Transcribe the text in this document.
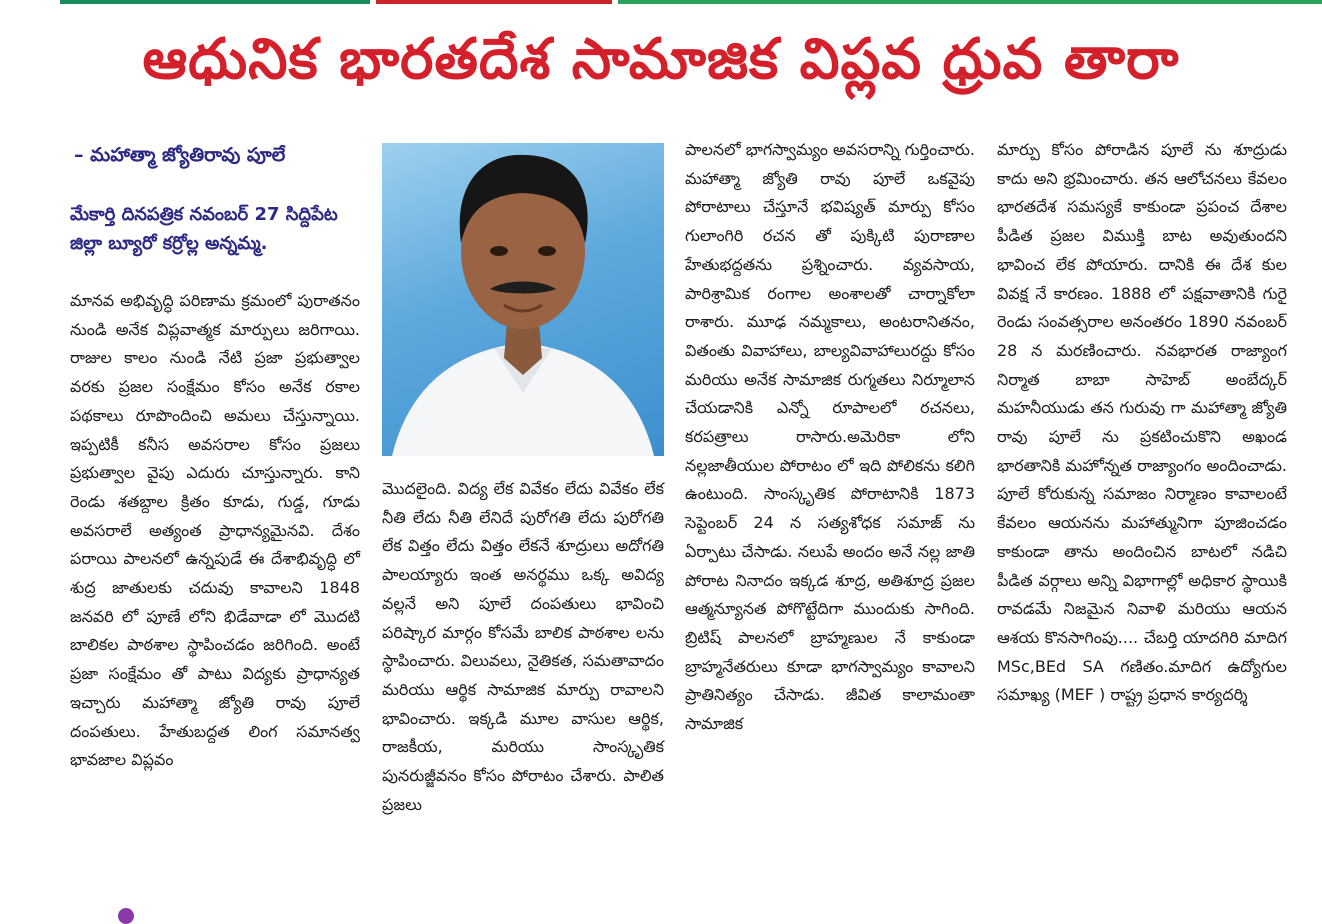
ఆధునిక భారతదేశ సామాజిక విప్లవ ధ్రువ తారా
– మహాత్మా జ్యోతిరావు పూలే
మేకార్తి దినపత్రిక నవంబర్ 27 సిద్దిపేట జిల్లా బ్యూరో కర్రోల్ల అన్నమ్మ.

మానవ అభివృద్ధి పరిణామ క్రమంలో పురాతనం నుండి అనేక విప్లవాత్మక మార్పులు జరిగాయి. రాజుల కాలం నుండి నేటి ప్రజా ప్రభుత్వాల వరకు ప్రజల సంక్షేమం కోసం అనేక రకాల పథకాలు రూపొందించి అమలు చేస్తున్నాయి. ఇప్పటికీ కనీస అవసరాల కోసం ప్రజలు ప్రభుత్వాల వైపు ఎదురు చూస్తున్నారు. కాని రెండు శతబ్దాల క్రితం కూడు, గుడ్డ, గూడు అవసరాలే అత్యంత ప్రాధాన్యమైనవి. దేశం పరాయి పాలనలో ఉన్నపుడే ఈ దేశాభివృద్ధి లో శుద్ర జాతులకు చదువు కావాలని 1848 జనవరి లో పూణే లోని భిడేవాడా లో మొదటి బాలికల పాఠశాల స్థాపించడం జరిగింది. అంటే ప్రజా సంక్షేమం తో పాటు విద్యకు ప్రాధాన్యత ఇచ్చారు మహాత్మా జ్యోతి రావు పూలే దంపతులు. హేతుబద్దత లింగ సమానత్వ భావజాల విప్లవం

మొదలైంది. విద్య లేక వివేకం లేదు వివేకం లేక నీతి లేదు నీతి లేనిదే పురోగతి లేదు పురోగతి లేక విత్తం లేదు విత్తం లేకనే శూద్రులు అదోగతి పాలయ్యారు ఇంత అనర్థము ఒక్క అవిద్య వల్లనే అని పూలే దంపతులు భావించి పరిష్కార మార్గం కోసమే బాలిక పాఠశాల లను స్థాపించారు. విలువలు, నైతికత, సమతావాదం మరియు ఆర్థిక సామాజిక మార్పు రావాలని భావించారు. ఇక్కడి మూల వాసుల ఆర్థిక, రాజకీయ, మరియు సాంస్కృతిక పునరుజ్జీవనం కోసం పోరాటం చేశారు. పాలిత ప్రజలు

పాలనలో భాగస్వామ్యం అవసరాన్ని గుర్తించారు. మహాత్మా జ్యోతి రావు పూలే ఒకవైపు పోరాటాలు చేస్తూనే భవిష్యత్ మార్పు కోసం గులాంగిరి రచన తో పుక్కిటి పురాణాల హేతుభద్దతను ప్రశ్నించారు. వ్యవసాయ, పారిశ్రామిక రంగాల అంశాలతో చార్నాకోలా రాశారు. మూఢ నమ్మకాలు, అంటరానితనం, వితంతు వివాహాలు, బాల్యవివాహాలురద్దు కోసం మరియు అనేక సామాజిక రుగ్మతలు నిర్మూలాన చేయడానికి ఎన్నో రూపాలలో రచనలు, కరపత్రాలు రాసారు.అమెరికా లోని నల్లజాతీయుల పోరాటం లో ఇది పోలికను కలిగి ఉంటుంది. సాంస్కృతిక పోరాటానికి 1873 సెప్టెంబర్ 24 న సత్యశోధక సమాజ్ ను ఏర్పాటు చేసాడు. నలుపే అందం అనే నల్ల జాతి పోరాట నినాదం ఇక్కడ శూద్ర, అతిశూద్ర ప్రజల ఆత్మన్యూనత పోగొట్టేదిగా ముందుకు సాగింది. బ్రిటిష్ పాలనలో బ్రాహ్మణుల నే కాకుండా బ్రాహ్మనేతరులు కూడా భాగస్వామ్యం కావాలని ప్రాతినిత్యం చేసాడు. జీవిత కాలామంతా సామాజిక

మార్పు కోసం పోరాడిన పూలే ను శూద్రుడు కాదు అని భ్రమించారు. తన ఆలోచనలు కేవలం భారతదేశ సమస్యకే కాకుండా ప్రపంచ దేశాల పీడిత ప్రజల విముక్తి బాట అవుతుందని భావించ లేక పోయారు. దానికి ఈ దేశ కుల వివక్ష నే కారణం. 1888 లో పక్షవాతానికి గురై రెండు సంవత్సరాల అనంతరం 1890 నవంబర్ 28 న మరణించారు. నవభారత రాజ్యాంగ నిర్మాత బాబా సాహెబ్ అంబేద్కర్ మహనీయుడు తన గురువు గా మహాత్మా జ్యోతి రావు పూలే ను ప్రకటించుకొని అఖండ భారతానికి మహోన్నత రాజ్యాంగం అందించాడు. పూలే కోరుకున్న సమాజం నిర్మాణం కావాలంటే కేవలం ఆయనను మహాత్మునిగా పూజించడం కాకుండా తాను అందించిన బాటలో నడిచి పీడిత వర్గాలు అన్ని విభాగాల్లో అధికార స్థాయికి రావడమే నిజమైన నివాళి మరియు ఆయన ఆశయ కొనసాగింపు.... చేబర్తి యాదగిరి మాదిగ MSc,BEd SA గణితం.మాదిగ ఉద్యోగుల సమాఖ్య (MEF ) రాష్ట్ర ప్రధాన కార్యదర్శి
